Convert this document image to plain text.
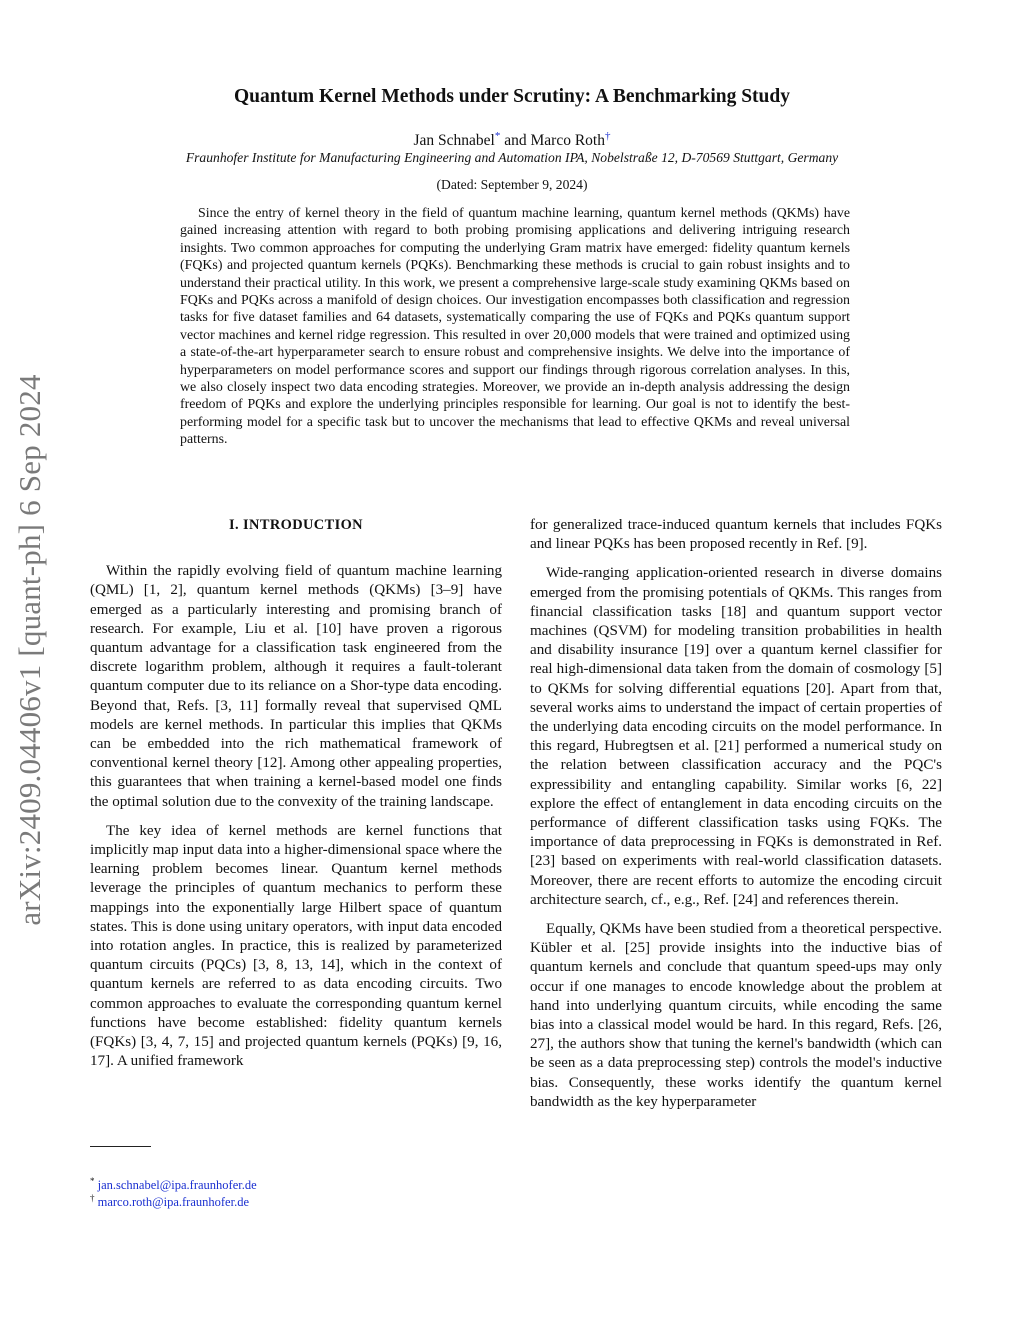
arXiv:2409.04406v1 [quant-ph] 6 Sep 2024
Quantum Kernel Methods under Scrutiny: A Benchmarking Study
Jan Schnabel* and Marco Roth†
Fraunhofer Institute for Manufacturing Engineering and Automation IPA, Nobelstraße 12, D-70569 Stuttgart, Germany
(Dated: September 9, 2024)
Since the entry of kernel theory in the field of quantum machine learning, quantum kernel methods (QKMs) have gained increasing attention with regard to both probing promising applications and delivering intriguing research insights. Two common approaches for computing the underlying Gram matrix have emerged: fidelity quantum kernels (FQKs) and projected quantum kernels (PQKs). Benchmarking these methods is crucial to gain robust insights and to understand their practical utility. In this work, we present a comprehensive large-scale study examining QKMs based on FQKs and PQKs across a manifold of design choices. Our investigation encompasses both classification and regression tasks for five dataset families and 64 datasets, systematically comparing the use of FQKs and PQKs quantum support vector machines and kernel ridge regression. This resulted in over 20,000 models that were trained and optimized using a state-of-the-art hyperparameter search to ensure robust and comprehensive insights. We delve into the importance of hyperparameters on model performance scores and support our findings through rigorous correlation analyses. In this, we also closely inspect two data encoding strategies. Moreover, we provide an in-depth analysis addressing the design freedom of PQKs and explore the underlying principles responsible for learning. Our goal is not to identify the best-performing model for a specific task but to uncover the mechanisms that lead to effective QKMs and reveal universal patterns.
I. INTRODUCTION

Within the rapidly evolving field of quantum machine learning (QML) [1, 2], quantum kernel methods (QKMs) [3–9] have emerged as a particularly interesting and promising branch of research. For example, Liu et al. [10] have proven a rigorous quantum advantage for a classification task engineered from the discrete logarithm problem, although it requires a fault-tolerant quantum computer due to its reliance on a Shor-type data encoding. Beyond that, Refs. [3, 11] formally reveal that supervised QML models are kernel methods. In particular this implies that QKMs can be embedded into the rich mathematical framework of conventional kernel theory [12]. Among other appealing properties, this guarantees that when training a kernel-based model one finds the optimal solution due to the convexity of the training landscape.

The key idea of kernel methods are kernel functions that implicitly map input data into a higher-dimensional space where the learning problem becomes linear. Quantum kernel methods leverage the principles of quantum mechanics to perform these mappings into the exponentially large Hilbert space of quantum states. This is done using unitary operators, with input data encoded into rotation angles. In practice, this is realized by parameterized quantum circuits (PQCs) [3, 8, 13, 14], which in the context of quantum kernels are referred to as data encoding circuits. Two common approaches to evaluate the corresponding quantum kernel functions have become established: fidelity quantum kernels (FQKs) [3, 4, 7, 15] and projected quantum kernels (PQKs) [9, 16, 17]. A unified framework

for generalized trace-induced quantum kernels that includes FQKs and linear PQKs has been proposed recently in Ref. [9].

Wide-ranging application-oriented research in diverse domains emerged from the promising potentials of QKMs. This ranges from financial classification tasks [18] and quantum support vector machines (QSVM) for modeling transition probabilities in health and disability insurance [19] over a quantum kernel classifier for real high-dimensional data taken from the domain of cosmology [5] to QKMs for solving differential equations [20]. Apart from that, several works aims to understand the impact of certain properties of the underlying data encoding circuits on the model performance. In this regard, Hubregtsen et al. [21] performed a numerical study on the relation between classification accuracy and the PQC's expressibility and entangling capability. Similar works [6, 22] explore the effect of entanglement in data encoding circuits on the performance of different classification tasks using FQKs. The importance of data preprocessing in FQKs is demonstrated in Ref. [23] based on experiments with real-world classification datasets. Moreover, there are recent efforts to automize the encoding circuit architecture search, cf., e.g., Ref. [24] and references therein.

Equally, QKMs have been studied from a theoretical perspective. Kübler et al. [25] provide insights into the inductive bias of quantum kernels and conclude that quantum speed-ups may only occur if one manages to encode knowledge about the problem at hand into underlying quantum circuits, while encoding the same bias into a classical model would be hard. In this regard, Refs. [26, 27], the authors show that tuning the kernel's bandwidth (which can be seen as a data preprocessing step) controls the model's inductive bias. Consequently, these works identify the quantum kernel bandwidth as the key hyperparameter

* jan.schnabel@ipa.fraunhofer.de
† marco.roth@ipa.fraunhofer.de
